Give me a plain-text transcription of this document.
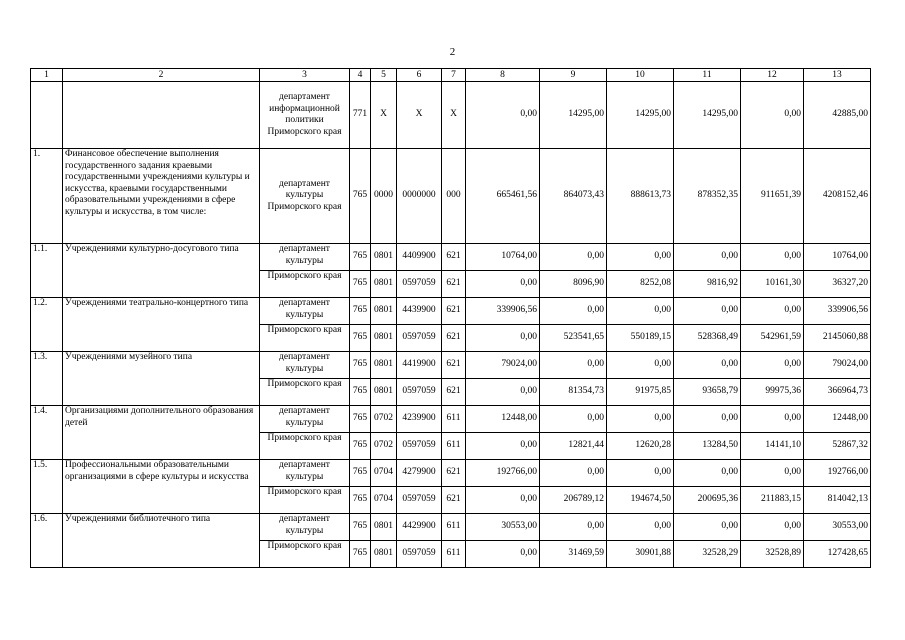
2
1	2	3	4	5	6	7	8	9	10	11	12	13
		департамент информационной политики Приморского края	771	Х	Х	Х	0,00	14295,00	14295,00	14295,00	0,00	42885,00
1.	Финансовое обеспечение выполнения государственного задания краевыми государственными учреждениями культуры и искусства, краевыми государственными образовательными учреждениями в сфере культуры и искусства, в том числе:	департамент культуры Приморского края	765	0000	0000000	000	665461,56	864073,43	888613,73	878352,35	911651,39	4208152,46
1.1.	Учреждениями культурно-досугового типа	департамент культуры	765	0801	4409900	621	10764,00	0,00	0,00	0,00	0,00	10764,00
		Приморского края	765	0801	0597059	621	0,00	8096,90	8252,08	9816,92	10161,30	36327,20
1.2.	Учреждениями театрально-концертного типа	департамент культуры	765	0801	4439900	621	339906,56	0,00	0,00	0,00	0,00	339906,56
		Приморского края	765	0801	0597059	621	0,00	523541,65	550189,15	528368,49	542961,59	2145060,88
1.3.	Учреждениями музейного типа	департамент культуры	765	0801	4419900	621	79024,00	0,00	0,00	0,00	0,00	79024,00
		Приморского края	765	0801	0597059	621	0,00	81354,73	91975,85	93658,79	99975,36	366964,73
1.4.	Организациями дополнительного образования детей	департамент культуры	765	0702	4239900	611	12448,00	0,00	0,00	0,00	0,00	12448,00
		Приморского края	765	0702	0597059	611	0,00	12821,44	12620,28	13284,50	14141,10	52867,32
1.5.	Профессиональными образовательными организациями в сфере культуры и искусства	департамент культуры	765	0704	4279900	621	192766,00	0,00	0,00	0,00	0,00	192766,00
		Приморского края	765	0704	0597059	621	0,00	206789,12	194674,50	200695,36	211883,15	814042,13
1.6.	Учреждениями библиотечного типа	департамент культуры	765	0801	4429900	611	30553,00	0,00	0,00	0,00	0,00	30553,00
		Приморского края	765	0801	0597059	611	0,00	31469,59	30901,88	32528,29	32528,89	127428,65
